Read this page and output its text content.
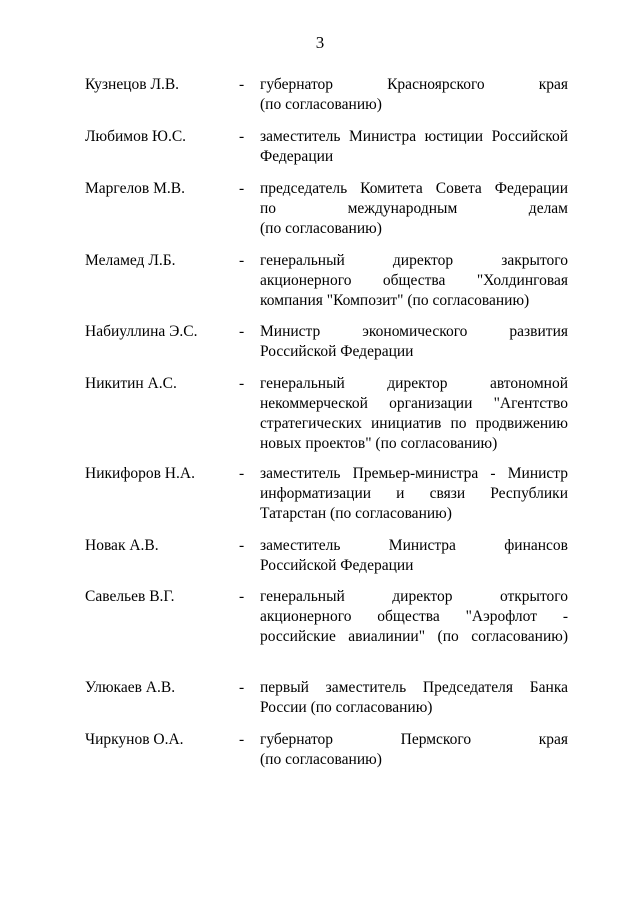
3
Кузнецов Л.В.	- губернатор Красноярского края
(по согласованию)
Любимов Ю.С.	- заместитель Министра юстиции Российской
Федерации
Маргелов М.В.	- председатель Комитета Совета Федерации
по международным делам
(по согласованию)
Меламед Л.Б.	- генеральный директор закрытого
акционерного общества "Холдинговая
компания "Композит" (по согласованию)
Набиуллина Э.С.	- Министр экономического развития
Российской Федерации
Никитин А.С.	- генеральный директор автономной
некоммерческой организации "Агентство
стратегических инициатив по продвижению
новых проектов" (по согласованию)
Никифоров Н.А.	- заместитель Премьер-министра - Министр
информатизации и связи Республики
Татарстан (по согласованию)
Новак А.В.	- заместитель Министра финансов
Российской Федерации
Савельев В.Г.	- генеральный директор открытого
акционерного общества "Аэрофлот -
российские авиалинии" (по согласованию)
Улюкаев А.В.	- первый заместитель Председателя Банка
России (по согласованию)
Чиркунов О.А.	- губернатор Пермского края
(по согласованию)
